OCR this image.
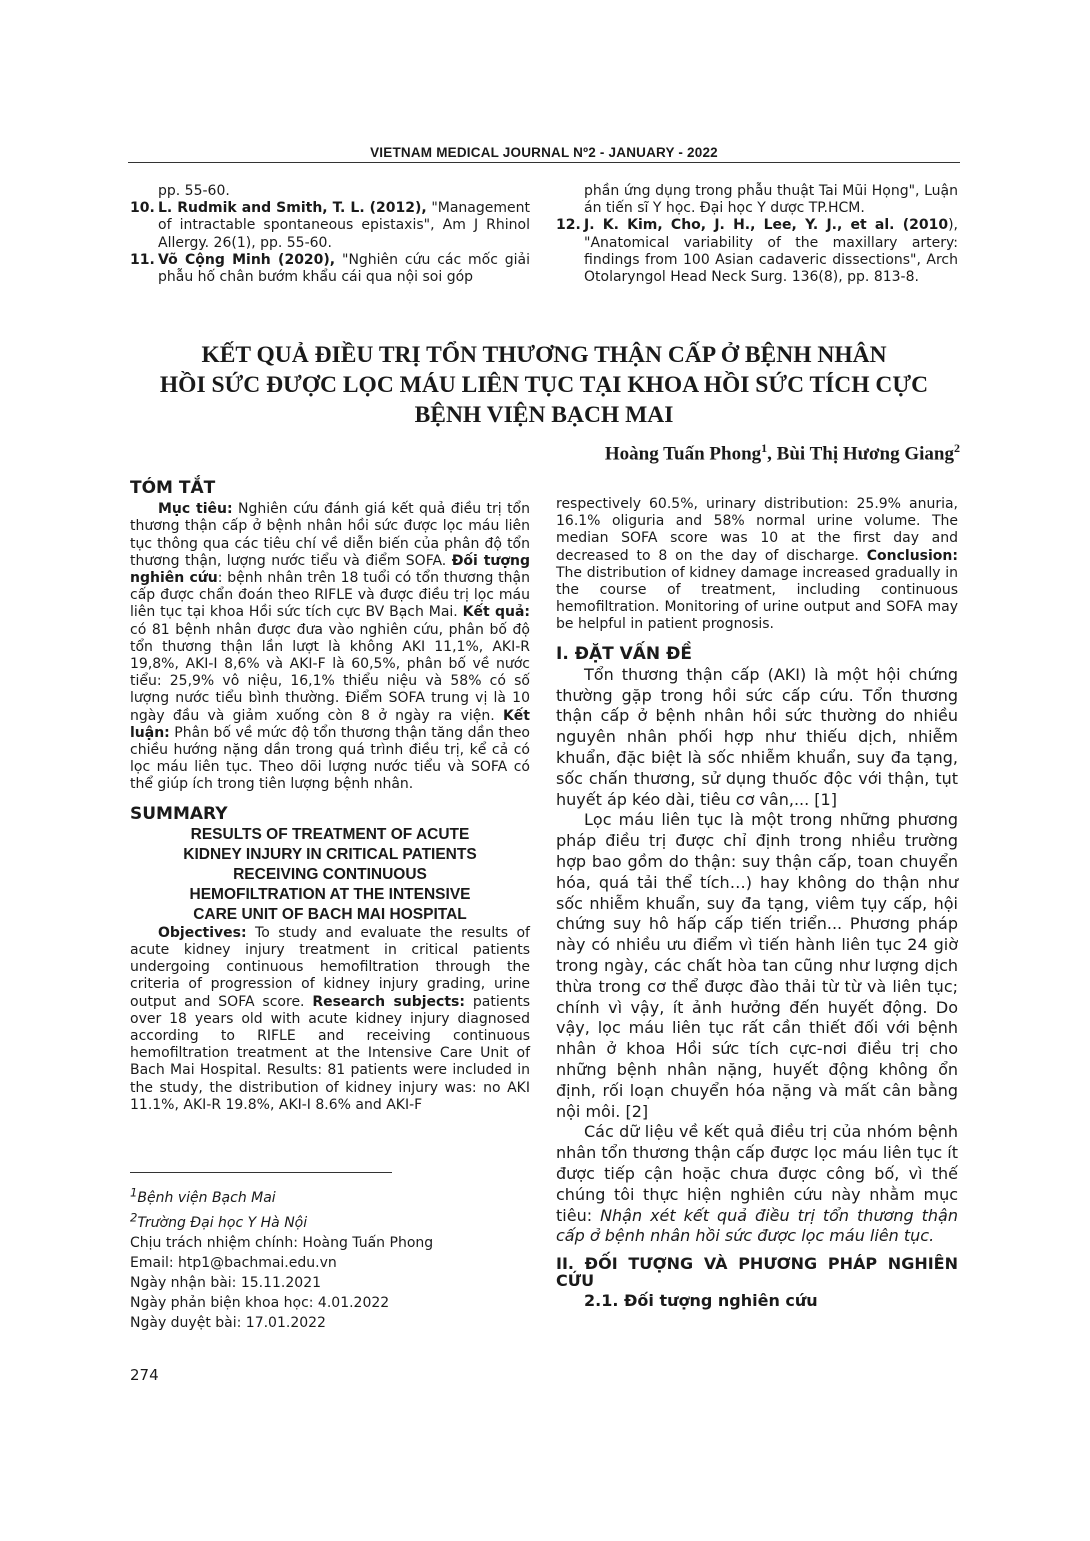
VIETNAM MEDICAL JOURNAL Nº2 - JANUARY - 2022
pp. 55-60.
10. L. Rudmik and Smith, T. L. (2012), "Management of intractable spontaneous epistaxis", Am J Rhinol Allergy. 26(1), pp. 55-60.
11. Võ Cộng Minh (2020), "Nghiên cứu các mốc giải phẫu hố chân bướm khẩu cái qua nội soi góp
phần ứng dụng trong phẫu thuật Tai Mũi Họng", Luận án tiến sĩ Y học. Đại học Y dược TP.HCM.
12. J. K. Kim, Cho, J. H., Lee, Y. J., et al. (2010), "Anatomical variability of the maxillary artery: findings from 100 Asian cadaveric dissections", Arch Otolaryngol Head Neck Surg. 136(8), pp. 813-8.
KẾT QUẢ ĐIỀU TRỊ TỔN THƯƠNG THẬN CẤP Ở BỆNH NHÂN
HỒI SỨC ĐƯỢC LỌC MÁU LIÊN TỤC TẠI KHOA HỒI SỨC TÍCH CỰC
BỆNH VIỆN BẠCH MAI
Hoàng Tuấn Phong$^1$, Bùi Thị Hương Giang$^2$
TÓM TẮT

Mục tiêu: Nghiên cứu đánh giá kết quả điều trị tổn thương thận cấp ở bệnh nhân hồi sức được lọc máu liên tục thông qua các tiêu chí về diễn biến của phân độ tổn thương thận, lượng nước tiểu và điểm SOFA. Đối tượng nghiên cứu: bệnh nhân trên 18 tuổi có tổn thương thận cấp được chẩn đoán theo RIFLE và được điều trị lọc máu liên tục tại khoa Hồi sức tích cực BV Bạch Mai. Kết quả: có 81 bệnh nhân được đưa vào nghiên cứu, phân bố độ tổn thương thận lần lượt là không AKI 11,1%, AKI-R 19,8%, AKI-I 8,6% và AKI-F là 60,5%, phân bố về nước tiểu: 25,9% vô niệu, 16,1% thiểu niệu và 58% có số lượng nước tiểu bình thường. Điểm SOFA trung vị là 10 ngày đầu và giảm xuống còn 8 ở ngày ra viện. Kết luận: Phân bố về mức độ tổn thương thận tăng dần theo chiều hướng nặng dần trong quá trình điều trị, kể cả có lọc máu liên tục. Theo dõi lượng nước tiểu và SOFA có thể giúp ích trong tiên lượng bệnh nhân.

SUMMARY
RESULTS OF TREATMENT OF ACUTE
KIDNEY INJURY IN CRITICAL PATIENTS
RECEIVING CONTINUOUS
HEMOFILTRATION AT THE INTENSIVE
CARE UNIT OF BACH MAI HOSPITAL

Objectives: To study and evaluate the results of acute kidney injury treatment in critical patients undergoing continuous hemofiltration through the criteria of progression of kidney injury grading, urine output and SOFA score. Research subjects: patients over 18 years old with acute kidney injury diagnosed according to RIFLE and receiving continuous hemofiltration treatment at the Intensive Care Unit of Bach Mai Hospital. Results: 81 patients were included in the study, the distribution of kidney injury was: no AKI 11.1%, AKI-R 19.8%, AKI-I 8.6% and AKI-F

$^1$Bệnh viện Bạch Mai
$^2$Trường Đại học Y Hà Nội
Chịu trách nhiệm chính: Hoàng Tuấn Phong
Email: htp1@bachmai.edu.vn
Ngày nhận bài: 15.11.2021
Ngày phản biện khoa học: 4.01.2022
Ngày duyệt bài: 17.01.2022

respectively 60.5%, urinary distribution: 25.9% anuria, 16.1% oliguria and 58% normal urine volume. The median SOFA score was 10 at the first day and decreased to 8 on the day of discharge. Conclusion: The distribution of kidney damage increased gradually in the course of treatment, including continuous hemofiltration. Monitoring of urine output and SOFA may be helpful in patient prognosis.

I. ĐẶT VẤN ĐỀ

Tổn thương thận cấp (AKI) là một hội chứng thường gặp trong hồi sức cấp cứu. Tổn thương thận cấp ở bệnh nhân hồi sức thường do nhiều nguyên nhân phối hợp như thiếu dịch, nhiễm khuẩn, đặc biệt là sốc nhiễm khuẩn, suy đa tạng, sốc chấn thương, sử dụng thuốc độc với thận, tụt huyết áp kéo dài, tiêu cơ vân,... [1]

Lọc máu liên tục là một trong những phương pháp điều trị được chỉ định trong nhiều trường hợp bao gồm do thận: suy thận cấp, toan chuyển hóa, quá tải thể tích…) hay không do thận như sốc nhiễm khuẩn, suy đa tạng, viêm tụy cấp, hội chứng suy hô hấp cấp tiến triển... Phương pháp này có nhiều ưu điểm vì tiến hành liên tục 24 giờ trong ngày, các chất hòa tan cũng như lượng dịch thừa trong cơ thể được đào thải từ từ và liên tục; chính vì vậy, ít ảnh hưởng đến huyết động. Do vậy, lọc máu liên tục rất cần thiết đối với bệnh nhân ở khoa Hồi sức tích cực-nơi điều trị cho những bệnh nhân nặng, huyết động không ổn định, rối loạn chuyển hóa nặng và mất cân bằng nội môi. [2]

Các dữ liệu về kết quả điều trị của nhóm bệnh nhân tổn thương thận cấp được lọc máu liên tục ít được tiếp cận hoặc chưa được công bố, vì thế chúng tôi thực hiện nghiên cứu này nhằm mục tiêu: Nhận xét kết quả điều trị tổn thương thận cấp ở bệnh nhân hồi sức được lọc máu liên tục.

II. ĐỐI TƯỢNG VÀ PHƯƠNG PHÁP NGHIÊN CỨU
2.1. Đối tượng nghiên cứu
274
